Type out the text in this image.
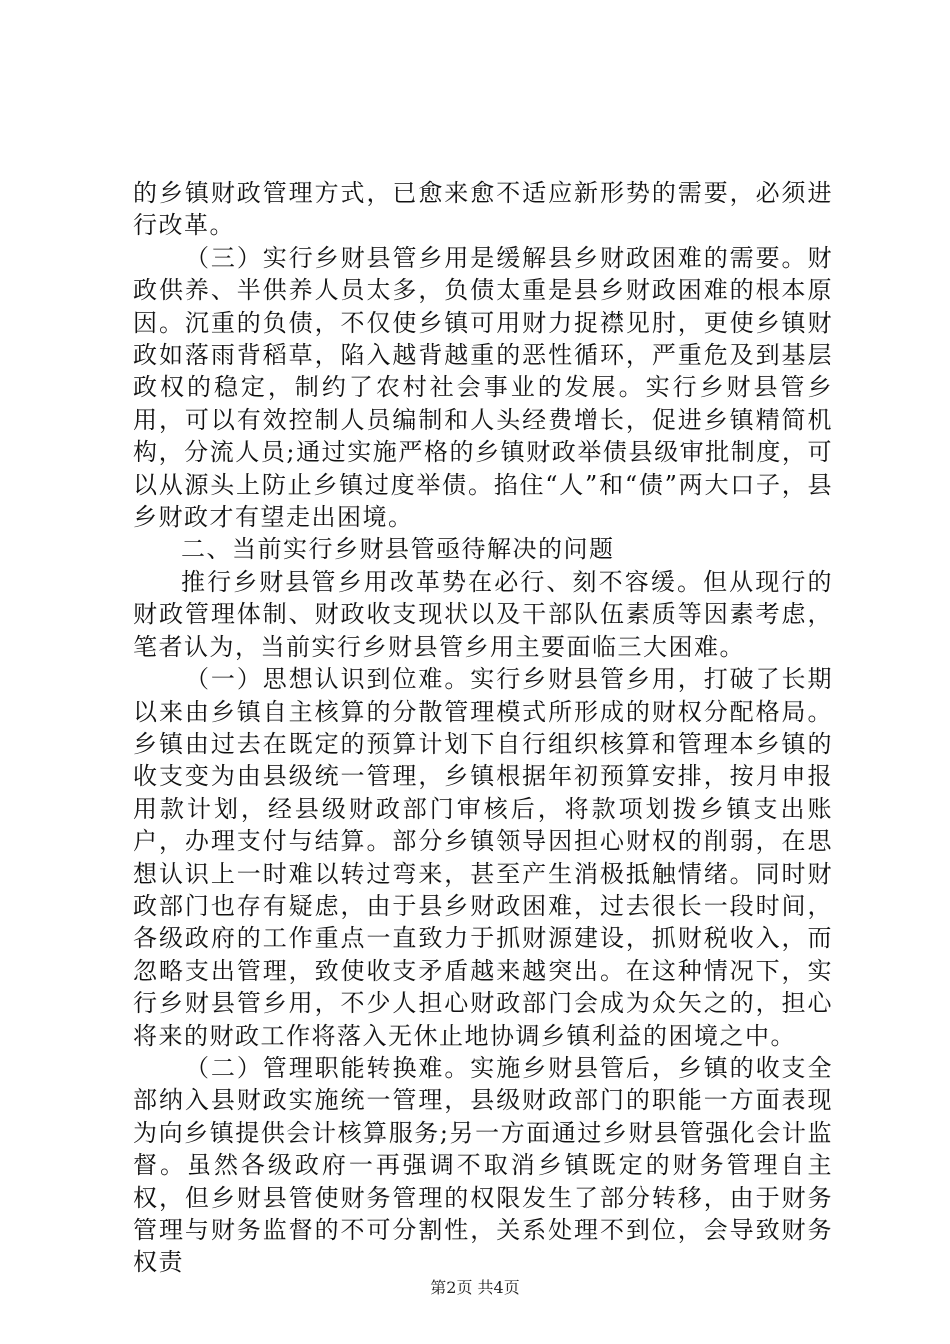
的乡镇财政管理方式，已愈来愈不适应新形势的需要，必须进行改革。

（三）实行乡财县管乡用是缓解县乡财政困难的需要。财政供养、半供养人员太多，负债太重是县乡财政困难的根本原因。沉重的负债，不仅使乡镇可用财力捉襟见肘，更使乡镇财政如落雨背稻草，陷入越背越重的恶性循环，严重危及到基层政权的稳定，制约了农村社会事业的发展。实行乡财县管乡用，可以有效控制人员编制和人头经费增长，促进乡镇精简机构，分流人员;通过实施严格的乡镇财政举债县级审批制度，可以从源头上防止乡镇过度举债。掐住“人”和“债”两大口子，县乡财政才有望走出困境。

二、当前实行乡财县管亟待解决的问题

推行乡财县管乡用改革势在必行、刻不容缓。但从现行的财政管理体制、财政收支现状以及干部队伍素质等因素考虑，笔者认为，当前实行乡财县管乡用主要面临三大困难。

（一）思想认识到位难。实行乡财县管乡用，打破了长期以来由乡镇自主核算的分散管理模式所形成的财权分配格局。乡镇由过去在既定的预算计划下自行组织核算和管理本乡镇的收支变为由县级统一管理，乡镇根据年初预算安排，按月申报用款计划，经县级财政部门审核后，将款项划拨乡镇支出账户，办理支付与结算。部分乡镇领导因担心财权的削弱，在思想认识上一时难以转过弯来，甚至产生消极抵触情绪。同时财政部门也存有疑虑，由于县乡财政困难，过去很长一段时间，各级政府的工作重点一直致力于抓财源建设，抓财税收入，而忽略支出管理，致使收支矛盾越来越突出。在这种情况下，实行乡财县管乡用，不少人担心财政部门会成为众矢之的，担心将来的财政工作将落入无休止地协调乡镇利益的困境之中。

（二）管理职能转换难。实施乡财县管后，乡镇的收支全部纳入县财政实施统一管理，县级财政部门的职能一方面表现为向乡镇提供会计核算服务;另一方面通过乡财县管强化会计监督。虽然各级政府一再强调不取消乡镇既定的财务管理自主权，但乡财县管使财务管理的权限发生了部分转移，由于财务管理与财务监督的不可分割性，关系处理不到位，会导致财务权责

第2页 共4页
